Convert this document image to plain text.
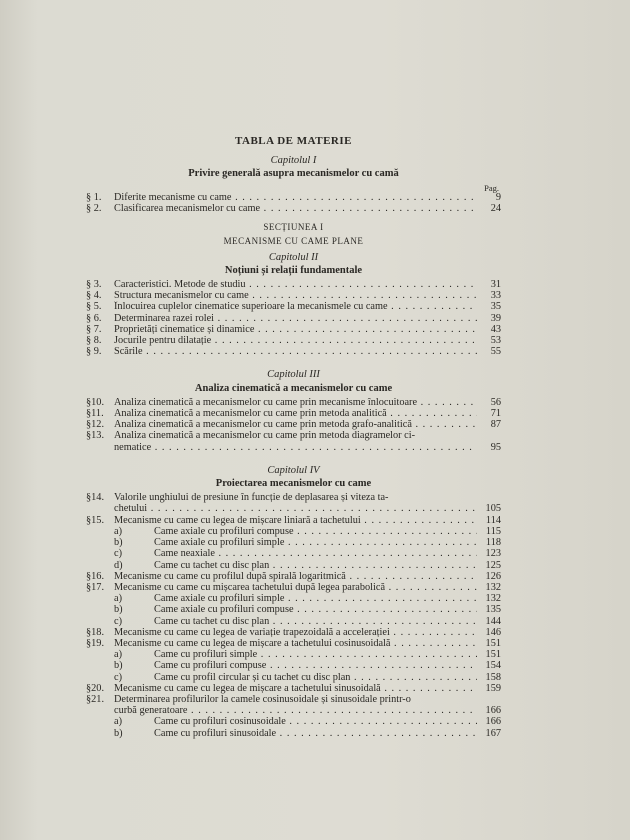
TABLA DE MATERIE
Capitolul I
Privire generală asupra mecanismelor cu camă
Pag.
§ 1.	Diferite mecanisme cu came . . .	9
§ 2.	Clasificarea mecanismelor cu came . . .	24
SECȚIUNEA I
MECANISME CU CAME PLANE
Capitolul II
Noțiuni și relații fundamentale
§ 3.	Caracteristici. Metode de studiu . . .	31
§ 4.	Structura mecanismelor cu came . . .	33
§ 5.	Înlocuirea cuplelor cinematice superioare la mecanismele cu came . . .	35
§ 6.	Determinarea razei rolei . . .	39
§ 7.	Proprietăți cinematice și dinamice . . .	43
§ 8.	Jocurile pentru dilatație . . .	53
§ 9.	Scările . . .	55
Capitolul III
Analiza cinematică a mecanismelor cu came
§10. Analiza cinematică a mecanismelor cu came prin mecanisme înlocuitoare . . .	56
§11.	Analiza cinematică a mecanismelor cu came prin metoda analitică . . .	71
§12. Analiza cinematică a mecanismelor cu came prin metoda grafo-analitică . . .	87
§13. Analiza cinematică a mecanismelor cu came prin metoda diagramelor ci-
nematice . . .	95
Capitolul IV
Proiectarea mecanismelor cu came
§14. Valorile unghiului de presiune în funcție de deplasarea și viteza ta-
chetului . . .	105
§15. Mecanisme cu came cu legea de mișcare liniară a tachetului . . .	114
a)	Came axiale cu profiluri compuse . . .	115
b)	Came axiale cu profiluri simple . . .	118
c)	Came neaxiale . . .	123
d)	Came cu tachet cu disc plan . . .	125
§16. Mecanisme cu came cu profilul după spirală logaritmică . . .	126
§17. Mecanisme cu came cu mișcarea tachetului după legea parabolică . . .	132
a)	Came axiale cu profiluri simple . . .	132
b)	Came axiale cu profiluri compuse . . .	135
c)	Came cu tachet cu disc plan . . .	144
§18. Mecanisme cu came cu legea de variație trapezoidală a accelerației . . .	146
§19. Mecanisme cu came cu legea de mișcare a tachetului cosinusoidală . . .	151
a)	Came cu profiluri simple . . .	151
b)	Came cu profiluri compuse . . .	154
c)	Came cu profil circular și cu tachet cu disc plan . . .	158
§20. Mecanisme cu came cu legea de mișcare a tachetului sinusoidală . . .	159
§21. Determinarea profilurilor la camele cosinusoidale și sinusoidale printr-o
curbă generatoare . . .	166
a)	Came cu profiluri cosinusoidale . . .	166
b)	Came cu profiluri sinusoidale . . .	167
